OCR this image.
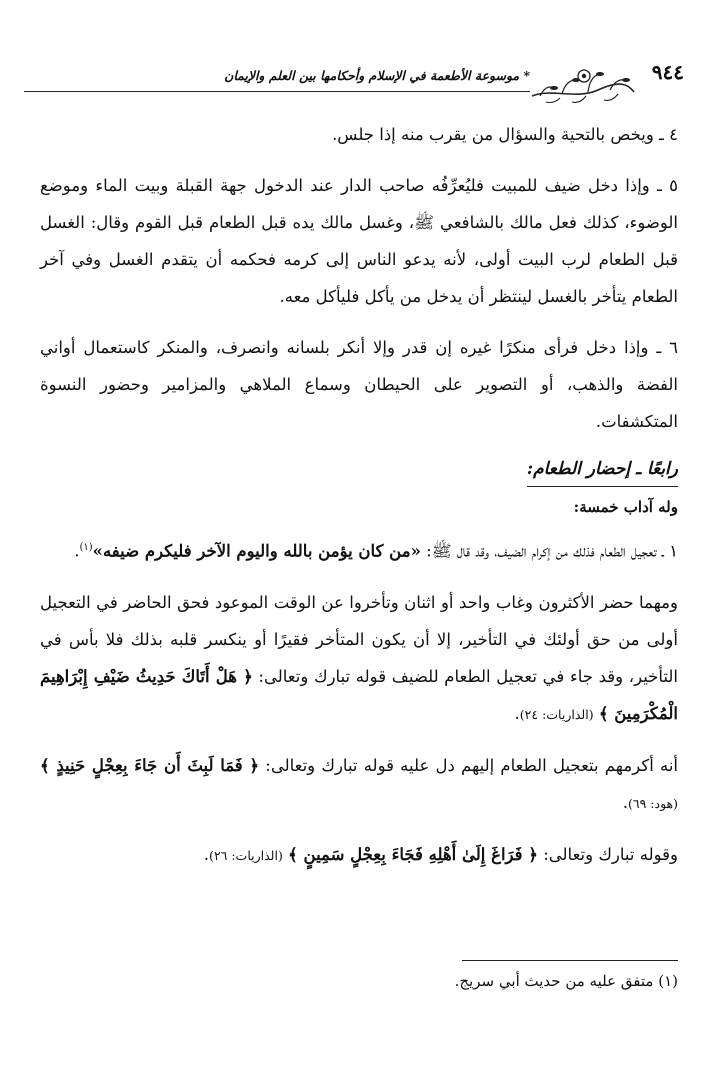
٩٤٤
* موسوعة الأطعمة في الإسلام وأحكامها بين العلم والإيمان

٤ ـ ويخص بالتحية والسؤال من يقرب منه إذا جلس.

٥ ـ وإذا دخل ضيف للمبيت فليُعرِّفُه صاحب الدار عند الدخول جهة القبلة وبيت الماء وموضع الوضوء، كذلك فعل مالك بالشافعي ﷺ، وغسل مالك يده قبل الطعام قبل القوم وقال: الغسل قبل الطعام لرب البيت أولى، لأنه يدعو الناس إلى كرمه فحكمه أن يتقدم الغسل وفي آخر الطعام يتأخر بالغسل لينتظر أن يدخل من يأكل فليأكل معه.

٦ ـ وإذا دخل فرأى منكرًا غيره إن قدر وإلا أنكر بلسانه وانصرف، والمنكر كاستعمال أواني الفضة والذهب، أو التصوير على الحيطان وسماع الملاهي والمزامير وحضور النسوة المتكشفات.

رابعًا ـ إحضار الطعام:
وله آداب خمسة:

١ ـ تعجيل الطعام فذلك من إكرام الضيف، وقد قال ﷺ: «من كان يؤمن بالله واليوم الآخر فليكرم ضيفه»$^{(١)}$.

ومهما حضر الأكثرون وغاب واحد أو اثنان وتأخروا عن الوقت الموعود فحق الحاضر في التعجيل أولى من حق أولئك في التأخير، إلا أن يكون المتأخر فقيرًا أو ينكسر قلبه بذلك فلا بأس في التأخير، وقد جاء في تعجيل الطعام للضيف قوله تبارك وتعالى: ﴿ هَلْ أَتَاكَ حَدِيثُ ضَيْفِ إِبْرَاهِيمَ الْمُكْرَمِينَ ﴾ (الذاريات: ٢٤).

أنه أكرمهم بتعجيل الطعام إليهم دل عليه قوله تبارك وتعالى: ﴿ فَمَا لَبِثَ أَن جَاءَ بِعِجْلٍ حَنِيذٍ ﴾ (هود: ٦٩).

وقوله تبارك وتعالى: ﴿ فَرَاغَ إِلَىٰ أَهْلِهِ فَجَاءَ بِعِجْلٍ سَمِينٍ ﴾ (الذاريات: ٢٦).

(١) متفق عليه من حديث أبي سريج.
